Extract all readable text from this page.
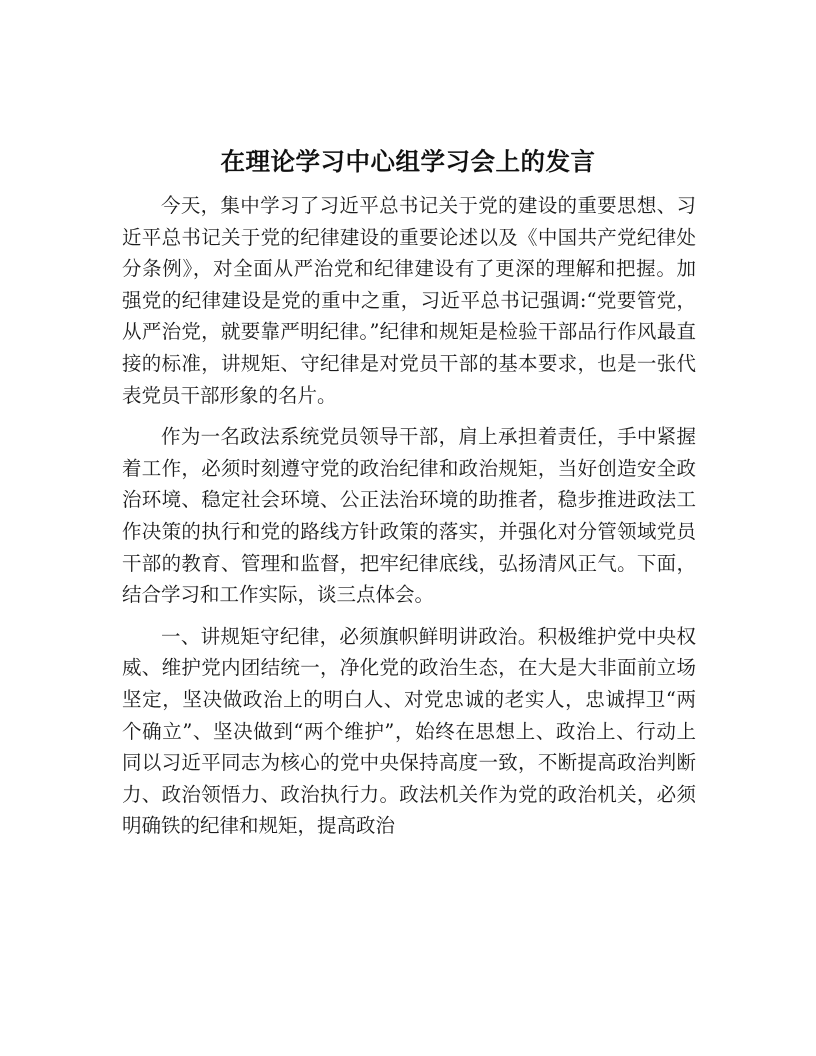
在理论学习中心组学习会上的发言

今天，集中学习了习近平总书记关于党的建设的重要思想、习近平总书记关于党的纪律建设的重要论述以及《中国共产党纪律处分条例》，对全面从严治党和纪律建设有了更深的理解和把握。加强党的纪律建设是党的重中之重，习近平总书记强调:“党要管党，从严治党，就要靠严明纪律。”纪律和规矩是检验干部品行作风最直接的标准，讲规矩、守纪律是对党员干部的基本要求，也是一张代表党员干部形象的名片。

作为一名政法系统党员领导干部，肩上承担着责任，手中紧握着工作，必须时刻遵守党的政治纪律和政治规矩，当好创造安全政治环境、稳定社会环境、公正法治环境的助推者，稳步推进政法工作决策的执行和党的路线方针政策的落实，并强化对分管领域党员干部的教育、管理和监督，把牢纪律底线，弘扬清风正气。下面，结合学习和工作实际，谈三点体会。

一、讲规矩守纪律，必须旗帜鲜明讲政治。积极维护党中央权威、维护党内团结统一，净化党的政治生态，在大是大非面前立场坚定，坚决做政治上的明白人、对党忠诚的老实人，忠诚捍卫“两个确立”、坚决做到“两个维护”，始终在思想上、政治上、行动上同以习近平同志为核心的党中央保持高度一致，不断提高政治判断力、政治领悟力、政治执行力。政法机关作为党的政治机关，必须明确铁的纪律和规矩，提高政治
